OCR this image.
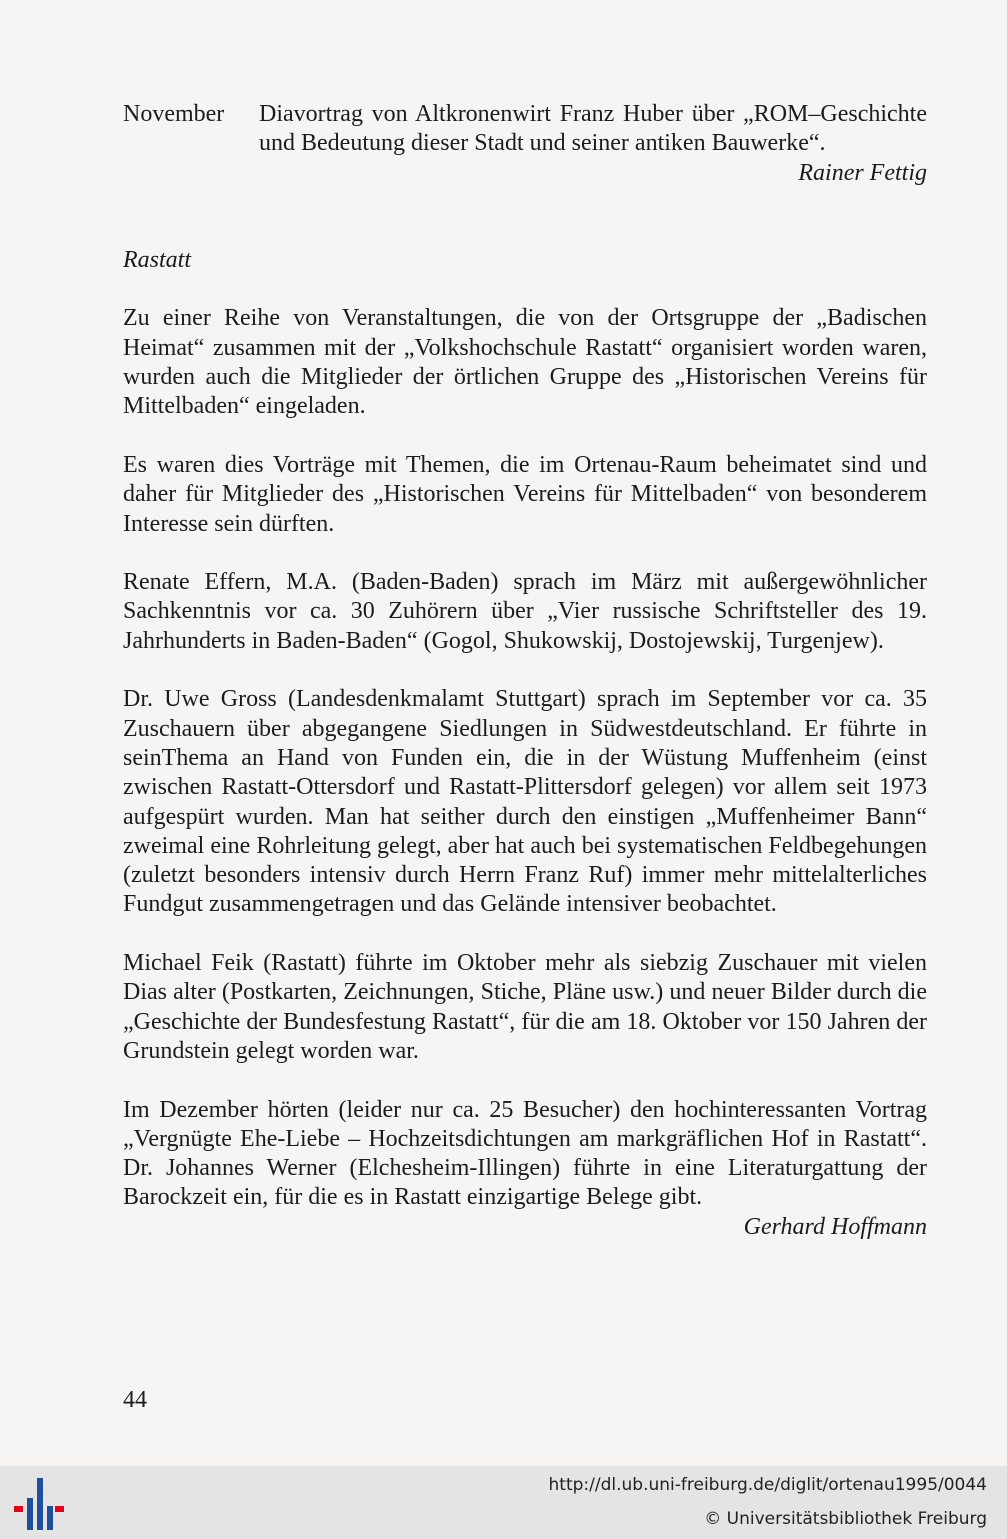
November	Diavortrag von Altkronenwirt Franz Huber über „ROM–Geschichte und Bedeutung dieser Stadt und seiner antiken Bauwerke“.
Rainer Fettig
Rastatt

Zu einer Reihe von Veranstaltungen, die von der Ortsgruppe der „Badischen Heimat“ zusammen mit der „Volkshochschule Rastatt“ organisiert worden waren, wurden auch die Mitglieder der örtlichen Gruppe des „Historischen Vereins für Mittelbaden“ eingeladen.

Es waren dies Vorträge mit Themen, die im Ortenau-Raum beheimatet sind und daher für Mitglieder des „Historischen Vereins für Mittelbaden“ von besonderem Interesse sein dürften.

Renate Effern, M.A. (Baden-Baden) sprach im März mit außergewöhnlicher Sachkenntnis vor ca. 30 Zuhörern über „Vier russische Schriftsteller des 19. Jahrhunderts in Baden-Baden“ (Gogol, Shukowskij, Dostojewskij, Turgenjew).

Dr. Uwe Gross (Landesdenkmalamt Stuttgart) sprach im September vor ca. 35 Zuschauern über abgegangene Siedlungen in Südwestdeutschland. Er führte in seinThema an Hand von Funden ein, die in der Wüstung Muffenheim (einst zwischen Rastatt-Ottersdorf und Rastatt-Plittersdorf gelegen) vor allem seit 1973 aufgespürt wurden. Man hat seither durch den einstigen „Muffenheimer Bann“ zweimal eine Rohrleitung gelegt, aber hat auch bei systematischen Feldbegehungen (zuletzt besonders intensiv durch Herrn Franz Ruf) immer mehr mittelalterliches Fundgut zusammengetragen und das Gelände intensiver beobachtet.

Michael Feik (Rastatt) führte im Oktober mehr als siebzig Zuschauer mit vielen Dias alter (Postkarten, Zeichnungen, Stiche, Pläne usw.) und neuer Bilder durch die „Geschichte der Bundesfestung Rastatt“, für die am 18. Oktober vor 150 Jahren der Grundstein gelegt worden war.

Im Dezember hörten (leider nur ca. 25 Besucher) den hochinteressanten Vortrag „Vergnügte Ehe-Liebe – Hochzeitsdichtungen am markgräflichen Hof in Rastatt“. Dr. Johannes Werner (Elchesheim-Illingen) führte in eine Literaturgattung der Barockzeit ein, für die es in Rastatt einzigartige Belege gibt.

Gerhard Hoffmann
44
http://dl.ub.uni-freiburg.de/diglit/ortenau1995/0044
© Universitätsbibliothek Freiburg
